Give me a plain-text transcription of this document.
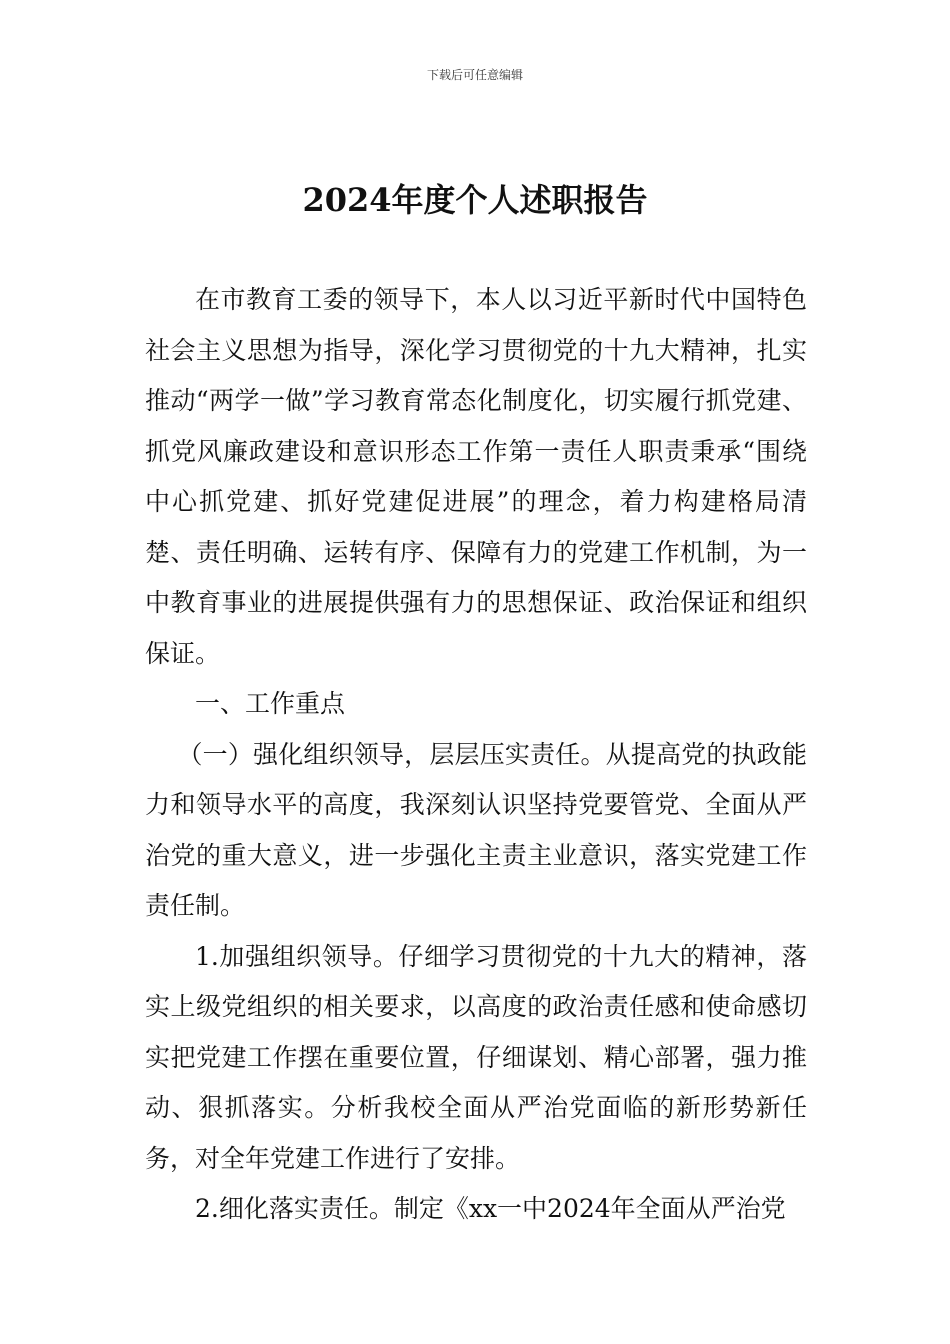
下载后可任意编辑
2024年度个人述职报告

在市教育工委的领导下，本人以习近平新时代中国特色社会主义思想为指导，深化学习贯彻党的十九大精神，扎实推动“两学一做”学习教育常态化制度化，切实履行抓党建、抓党风廉政建设和意识形态工作第一责任人职责秉承“围绕中心抓党建、抓好党建促进展”的理念，着力构建格局清楚、责任明确、运转有序、保障有力的党建工作机制，为一中教育事业的进展提供强有力的思想保证、政治保证和组织保证。

一、工作重点

（一）强化组织领导，层层压实责任。从提高党的执政能力和领导水平的高度，我深刻认识坚持党要管党、全面从严治党的重大意义，进一步强化主责主业意识，落实党建工作责任制。

1.加强组织领导。仔细学习贯彻党的十九大的精神，落实上级党组织的相关要求，以高度的政治责任感和使命感切实把党建工作摆在重要位置，仔细谋划、精心部署，强力推动、狠抓落实。分析我校全面从严治党面临的新形势新任务，对全年党建工作进行了安排。

2.细化落实责任。制定《xx一中2024年全面从严治党
